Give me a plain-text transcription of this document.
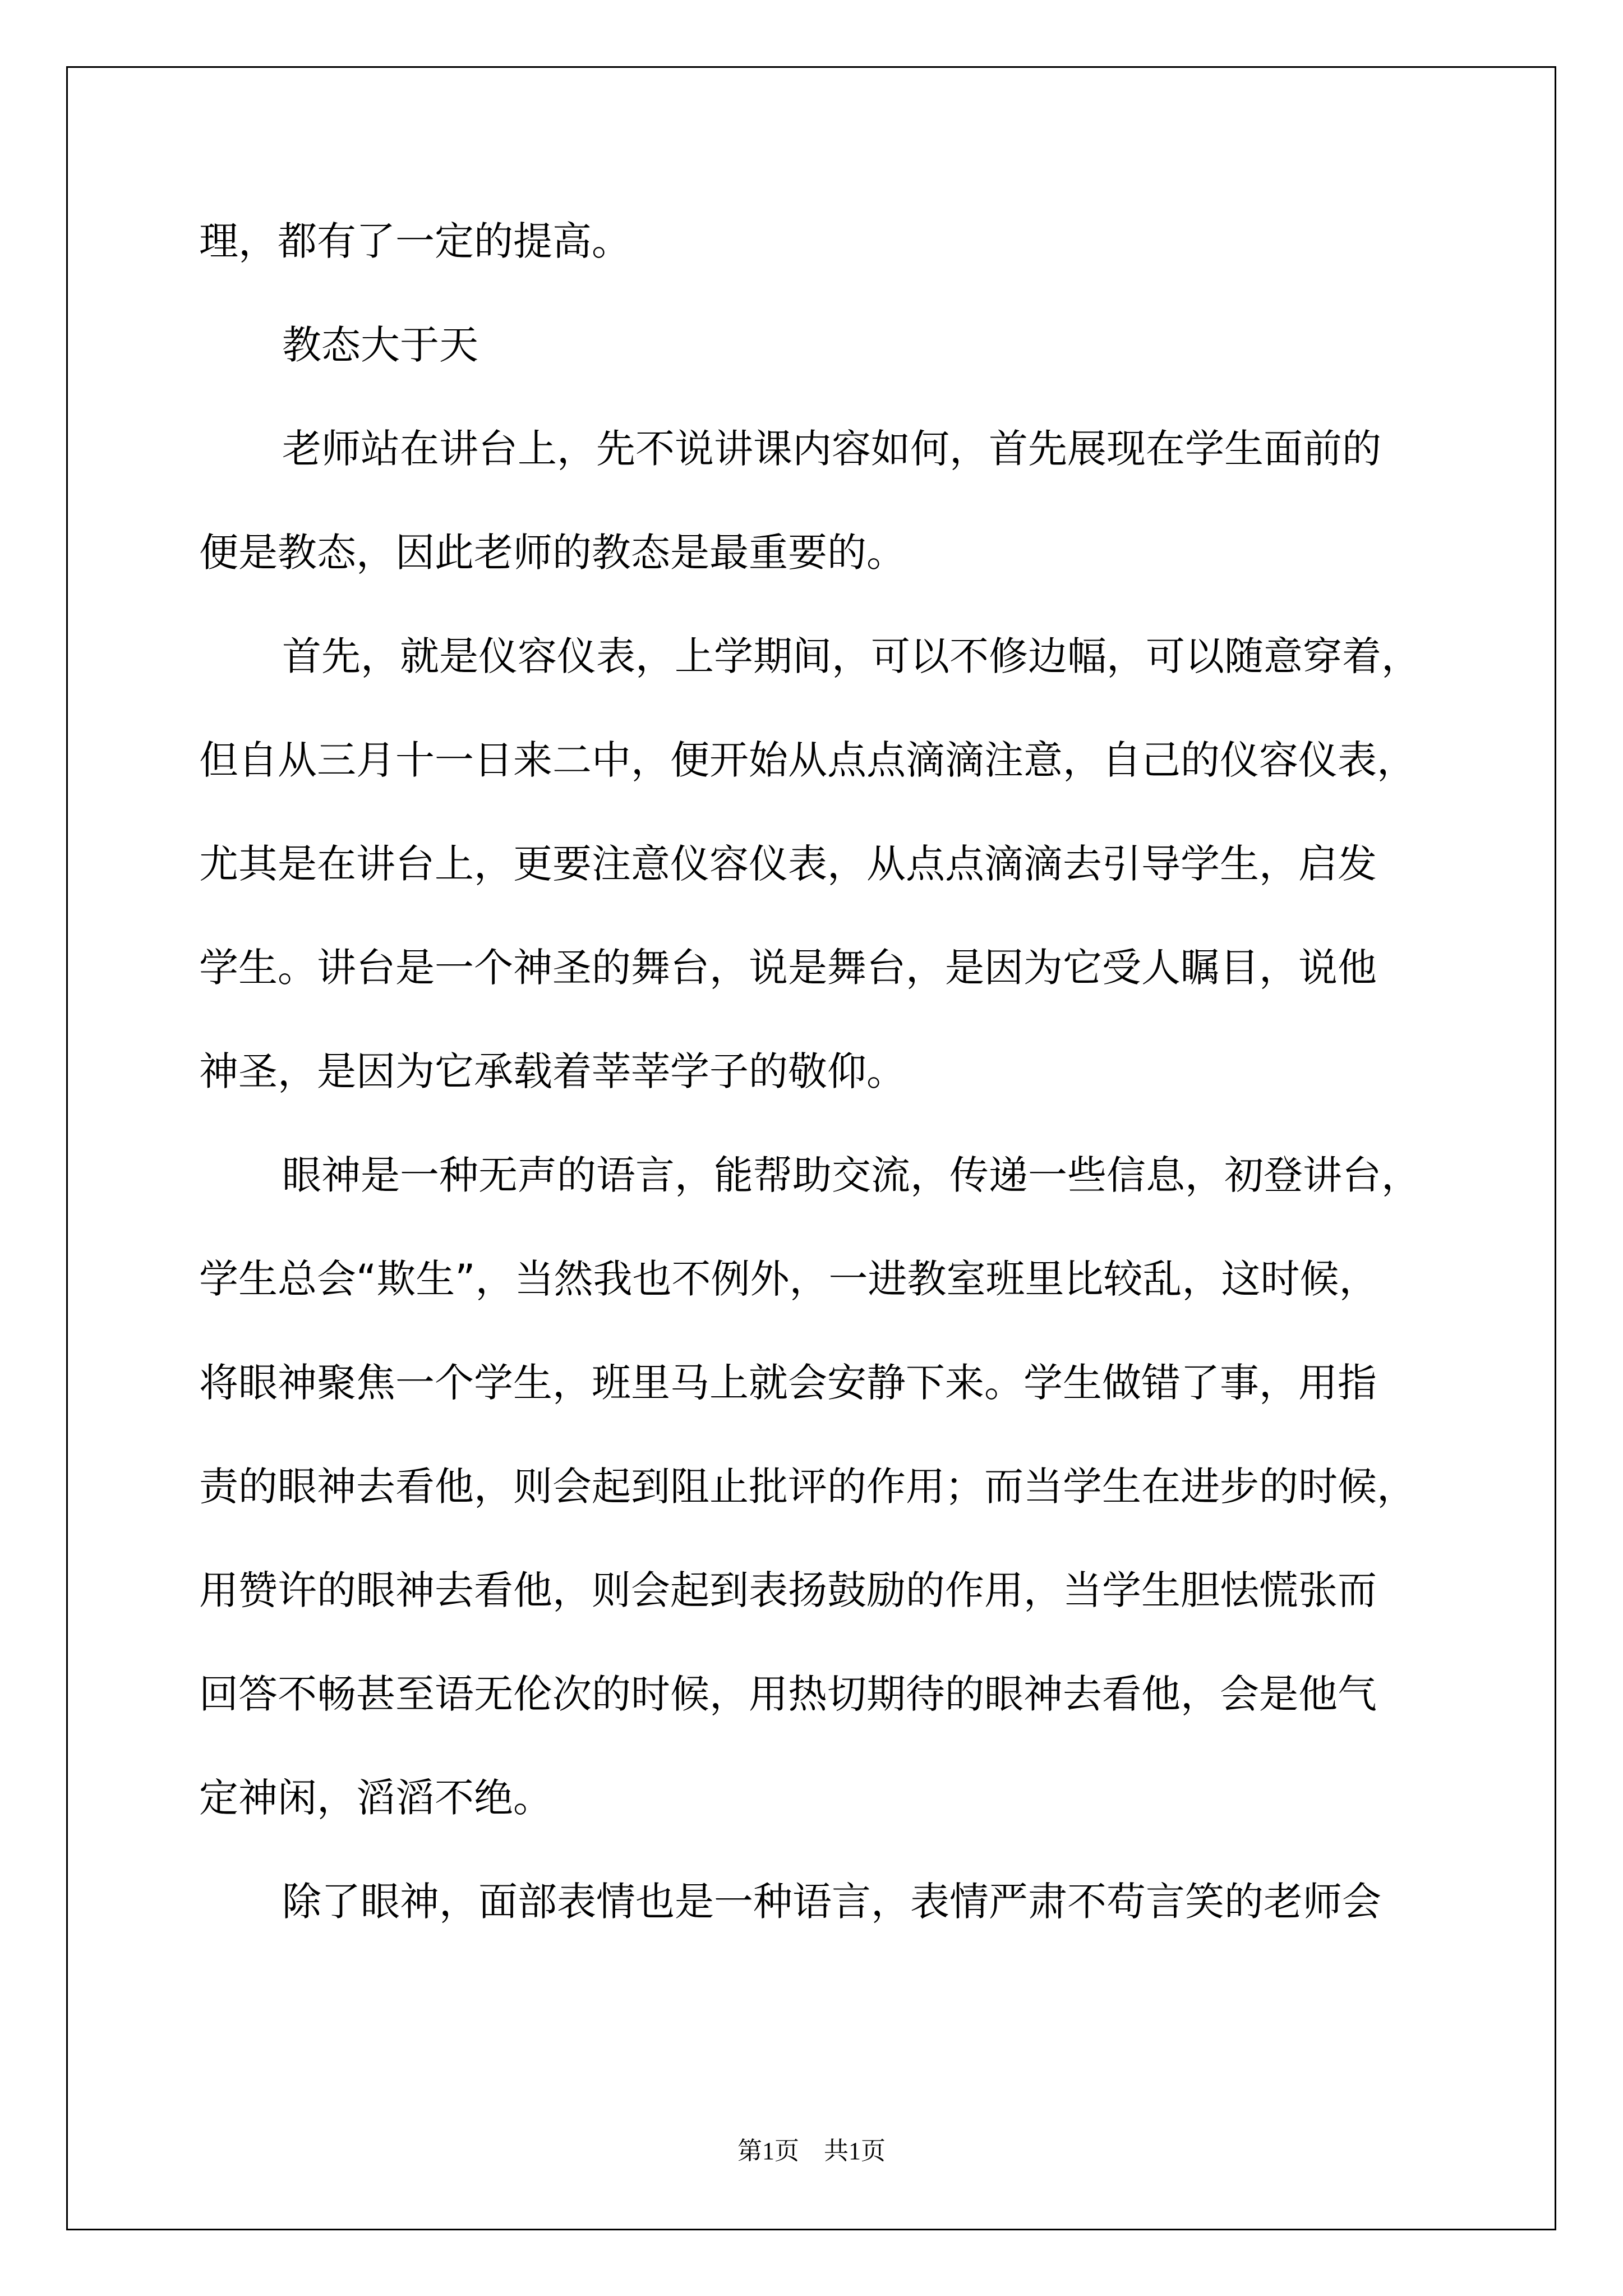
理，都有了一定的提高。
教态大于天
老师站在讲台上，先不说讲课内容如何，首先展现在学生面前的
便是教态，因此老师的教态是最重要的。
首先，就是仪容仪表，上学期间，可以不修边幅，可以随意穿着，
但自从三月十一日来二中，便开始从点点滴滴注意，自己的仪容仪表，
尤其是在讲台上，更要注意仪容仪表，从点点滴滴去引导学生，启发
学生。讲台是一个神圣的舞台，说是舞台，是因为它受人瞩目，说他
神圣，是因为它承载着莘莘学子的敬仰。
眼神是一种无声的语言，能帮助交流，传递一些信息，初登讲台，
学生总会“欺生”，当然我也不例外，一进教室班里比较乱，这时候，
将眼神聚焦一个学生，班里马上就会安静下来。学生做错了事，用指
责的眼神去看他，则会起到阻止批评的作用；而当学生在进步的时候，
用赞许的眼神去看他，则会起到表扬鼓励的作用，当学生胆怯慌张而
回答不畅甚至语无伦次的时候，用热切期待的眼神去看他，会是他气
定神闲，滔滔不绝。
除了眼神，面部表情也是一种语言，表情严肃不苟言笑的老师会
第1页 共1页
